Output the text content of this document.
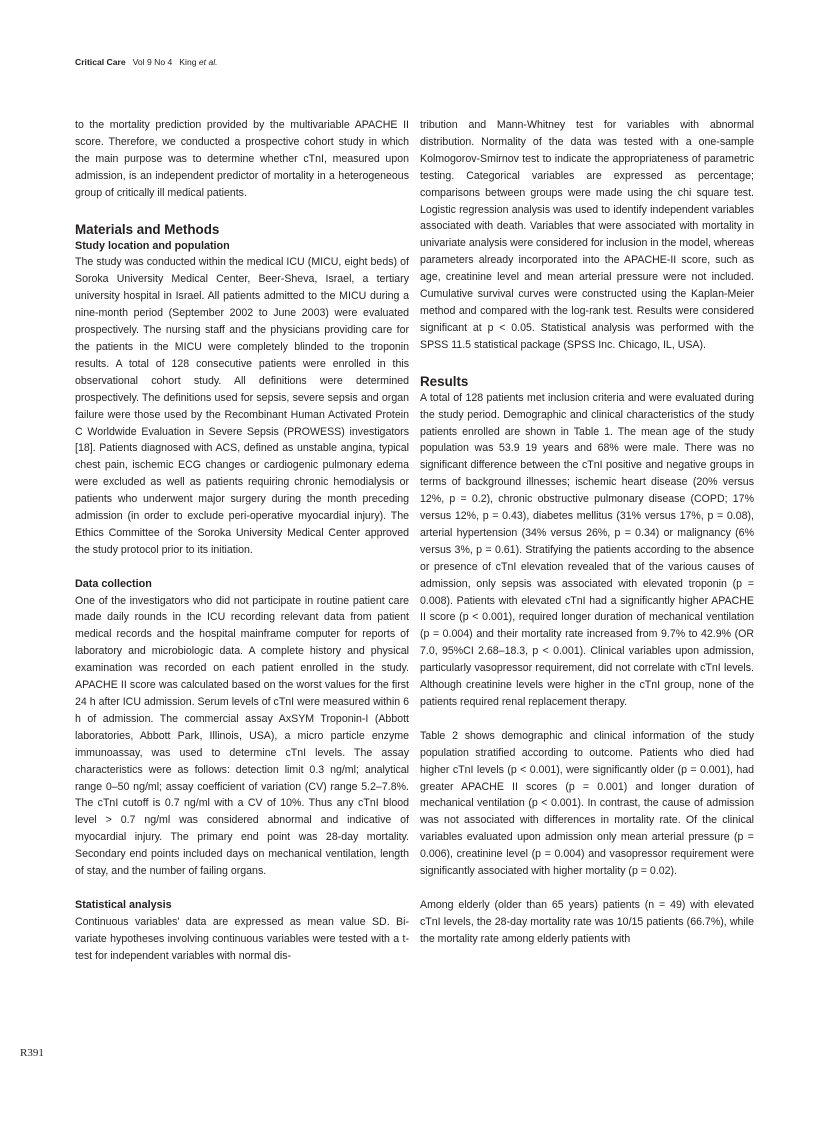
Critical Care Vol 9 No 4 King et al.

to the mortality prediction provided by the multivariable APACHE II score. Therefore, we conducted a prospective cohort study in which the main purpose was to determine whether cTnI, measured upon admission, is an independent predictor of mortality in a heterogeneous group of critically ill medical patients.

Materials and Methods
Study location and population

The study was conducted within the medical ICU (MICU, eight beds) of Soroka University Medical Center, Beer-Sheva, Israel, a tertiary university hospital in Israel. All patients admitted to the MICU during a nine-month period (September 2002 to June 2003) were evaluated prospectively. The nursing staff and the physicians providing care for the patients in the MICU were completely blinded to the troponin results. A total of 128 consecutive patients were enrolled in this observational cohort study. All definitions were determined prospectively. The definitions used for sepsis, severe sepsis and organ failure were those used by the Recombinant Human Activated Protein C Worldwide Evaluation in Severe Sepsis (PROWESS) investigators [18]. Patients diagnosed with ACS, defined as unstable angina, typical chest pain, ischemic ECG changes or cardiogenic pulmonary edema were excluded as well as patients requiring chronic hemodialysis or patients who underwent major surgery during the month preceding admission (in order to exclude peri-operative myocardial injury). The Ethics Committee of the Soroka University Medical Center approved the study protocol prior to its initiation.

Data collection

One of the investigators who did not participate in routine patient care made daily rounds in the ICU recording relevant data from patient medical records and the hospital mainframe computer for reports of laboratory and microbiologic data. A complete history and physical examination was recorded on each patient enrolled in the study. APACHE II score was calculated based on the worst values for the first 24 h after ICU admission. Serum levels of cTnI were measured within 6 h of admission. The commercial assay AxSYM Troponin-I (Abbott laboratories, Abbott Park, Illinois, USA), a micro particle enzyme immunoassay, was used to determine cTnI levels. The assay characteristics were as follows: detection limit 0.3 ng/ml; analytical range 0–50 ng/ml; assay coefficient of variation (CV) range 5.2–7.8%. The cTnI cutoff is 0.7 ng/ml with a CV of 10%. Thus any cTnI blood level > 0.7 ng/ml was considered abnormal and indicative of myocardial injury. The primary end point was 28-day mortality. Secondary end points included days on mechanical ventilation, length of stay, and the number of failing organs.

Statistical analysis

Continuous variables' data are expressed as mean value SD. Bi-variate hypotheses involving continuous variables were tested with a t-test for independent variables with normal dis-

tribution and Mann-Whitney test for variables with abnormal distribution. Normality of the data was tested with a one-sample Kolmogorov-Smirnov test to indicate the appropriateness of parametric testing. Categorical variables are expressed as percentage; comparisons between groups were made using the chi square test. Logistic regression analysis was used to identify independent variables associated with death. Variables that were associated with mortality in univariate analysis were considered for inclusion in the model, whereas parameters already incorporated into the APACHE-II score, such as age, creatinine level and mean arterial pressure were not included. Cumulative survival curves were constructed using the Kaplan-Meier method and compared with the log-rank test. Results were considered significant at p < 0.05. Statistical analysis was performed with the SPSS 11.5 statistical package (SPSS Inc. Chicago, IL, USA).

Results

A total of 128 patients met inclusion criteria and were evaluated during the study period. Demographic and clinical characteristics of the study patients enrolled are shown in Table 1. The mean age of the study population was 53.9 19 years and 68% were male. There was no significant difference between the cTnI positive and negative groups in terms of background illnesses; ischemic heart disease (20% versus 12%, p = 0.2), chronic obstructive pulmonary disease (COPD; 17% versus 12%, p = 0.43), diabetes mellitus (31% versus 17%, p = 0.08), arterial hypertension (34% versus 26%, p = 0.34) or malignancy (6% versus 3%, p = 0.61). Stratifying the patients according to the absence or presence of cTnI elevation revealed that of the various causes of admission, only sepsis was associated with elevated troponin (p = 0.008). Patients with elevated cTnI had a significantly higher APACHE II score (p < 0.001), required longer duration of mechanical ventilation (p = 0.004) and their mortality rate increased from 9.7% to 42.9% (OR 7.0, 95%CI 2.68–18.3, p < 0.001). Clinical variables upon admission, particularly vasopressor requirement, did not correlate with cTnI levels. Although creatinine levels were higher in the cTnI group, none of the patients required renal replacement therapy.

Table 2 shows demographic and clinical information of the study population stratified according to outcome. Patients who died had higher cTnI levels (p < 0.001), were significantly older (p = 0.001), had greater APACHE II scores (p = 0.001) and longer duration of mechanical ventilation (p < 0.001). In contrast, the cause of admission was not associated with differences in mortality rate. Of the clinical variables evaluated upon admission only mean arterial pressure (p = 0.006), creatinine level (p = 0.004) and vasopressor requirement were significantly associated with higher mortality (p = 0.02).

Among elderly (older than 65 years) patients (n = 49) with elevated cTnI levels, the 28-day mortality rate was 10/15 patients (66.7%), while the mortality rate among elderly patients with

R391
